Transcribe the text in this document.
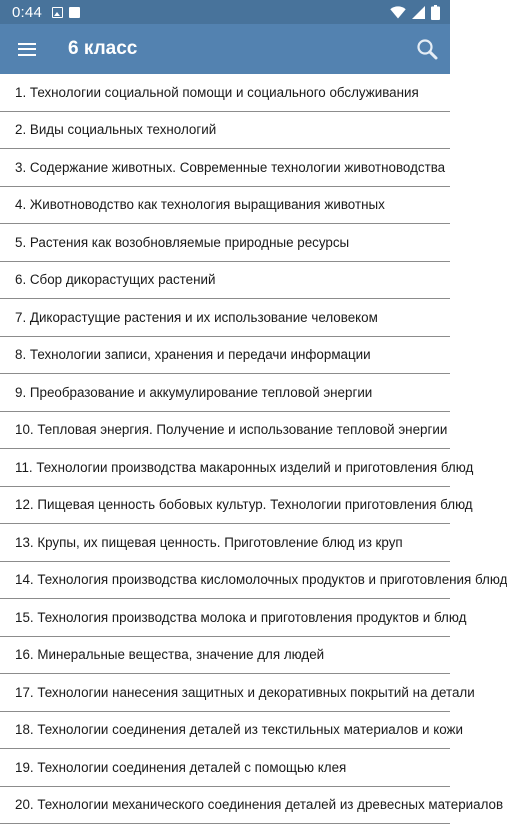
0:44
6 класс
1. Технологии социальной помощи и социального обслуживания
2. Виды социальных технологий
3. Содержание животных. Современные технологии животноводства
4. Животноводство как технология выращивания животных
5. Растения как возобновляемые природные ресурсы
6. Сбор дикорастущих растений
7. Дикорастущие растения и их использование человеком
8. Технологии записи, хранения и передачи информации
9. Преобразование и аккумулирование тепловой энергии
10. Тепловая энергия. Получение и использование тепловой энергии
11. Технологии производства макаронных изделий и приготовления блюд
12. Пищевая ценность бобовых культур. Технологии приготовления блюд
13. Крупы, их пищевая ценность. Приготовление блюд из круп
14. Технология производства кисломолочных продуктов и приготовления блюд
15. Технология производства молока и приготовления продуктов и блюд
16. Минеральные вещества, значение для людей
17. Технологии нанесения защитных и декоративных покрытий на детали
18. Технологии соединения деталей из текстильных материалов и кожи
19. Технологии соединения деталей с помощью клея
20. Технологии механического соединения деталей из древесных материалов
